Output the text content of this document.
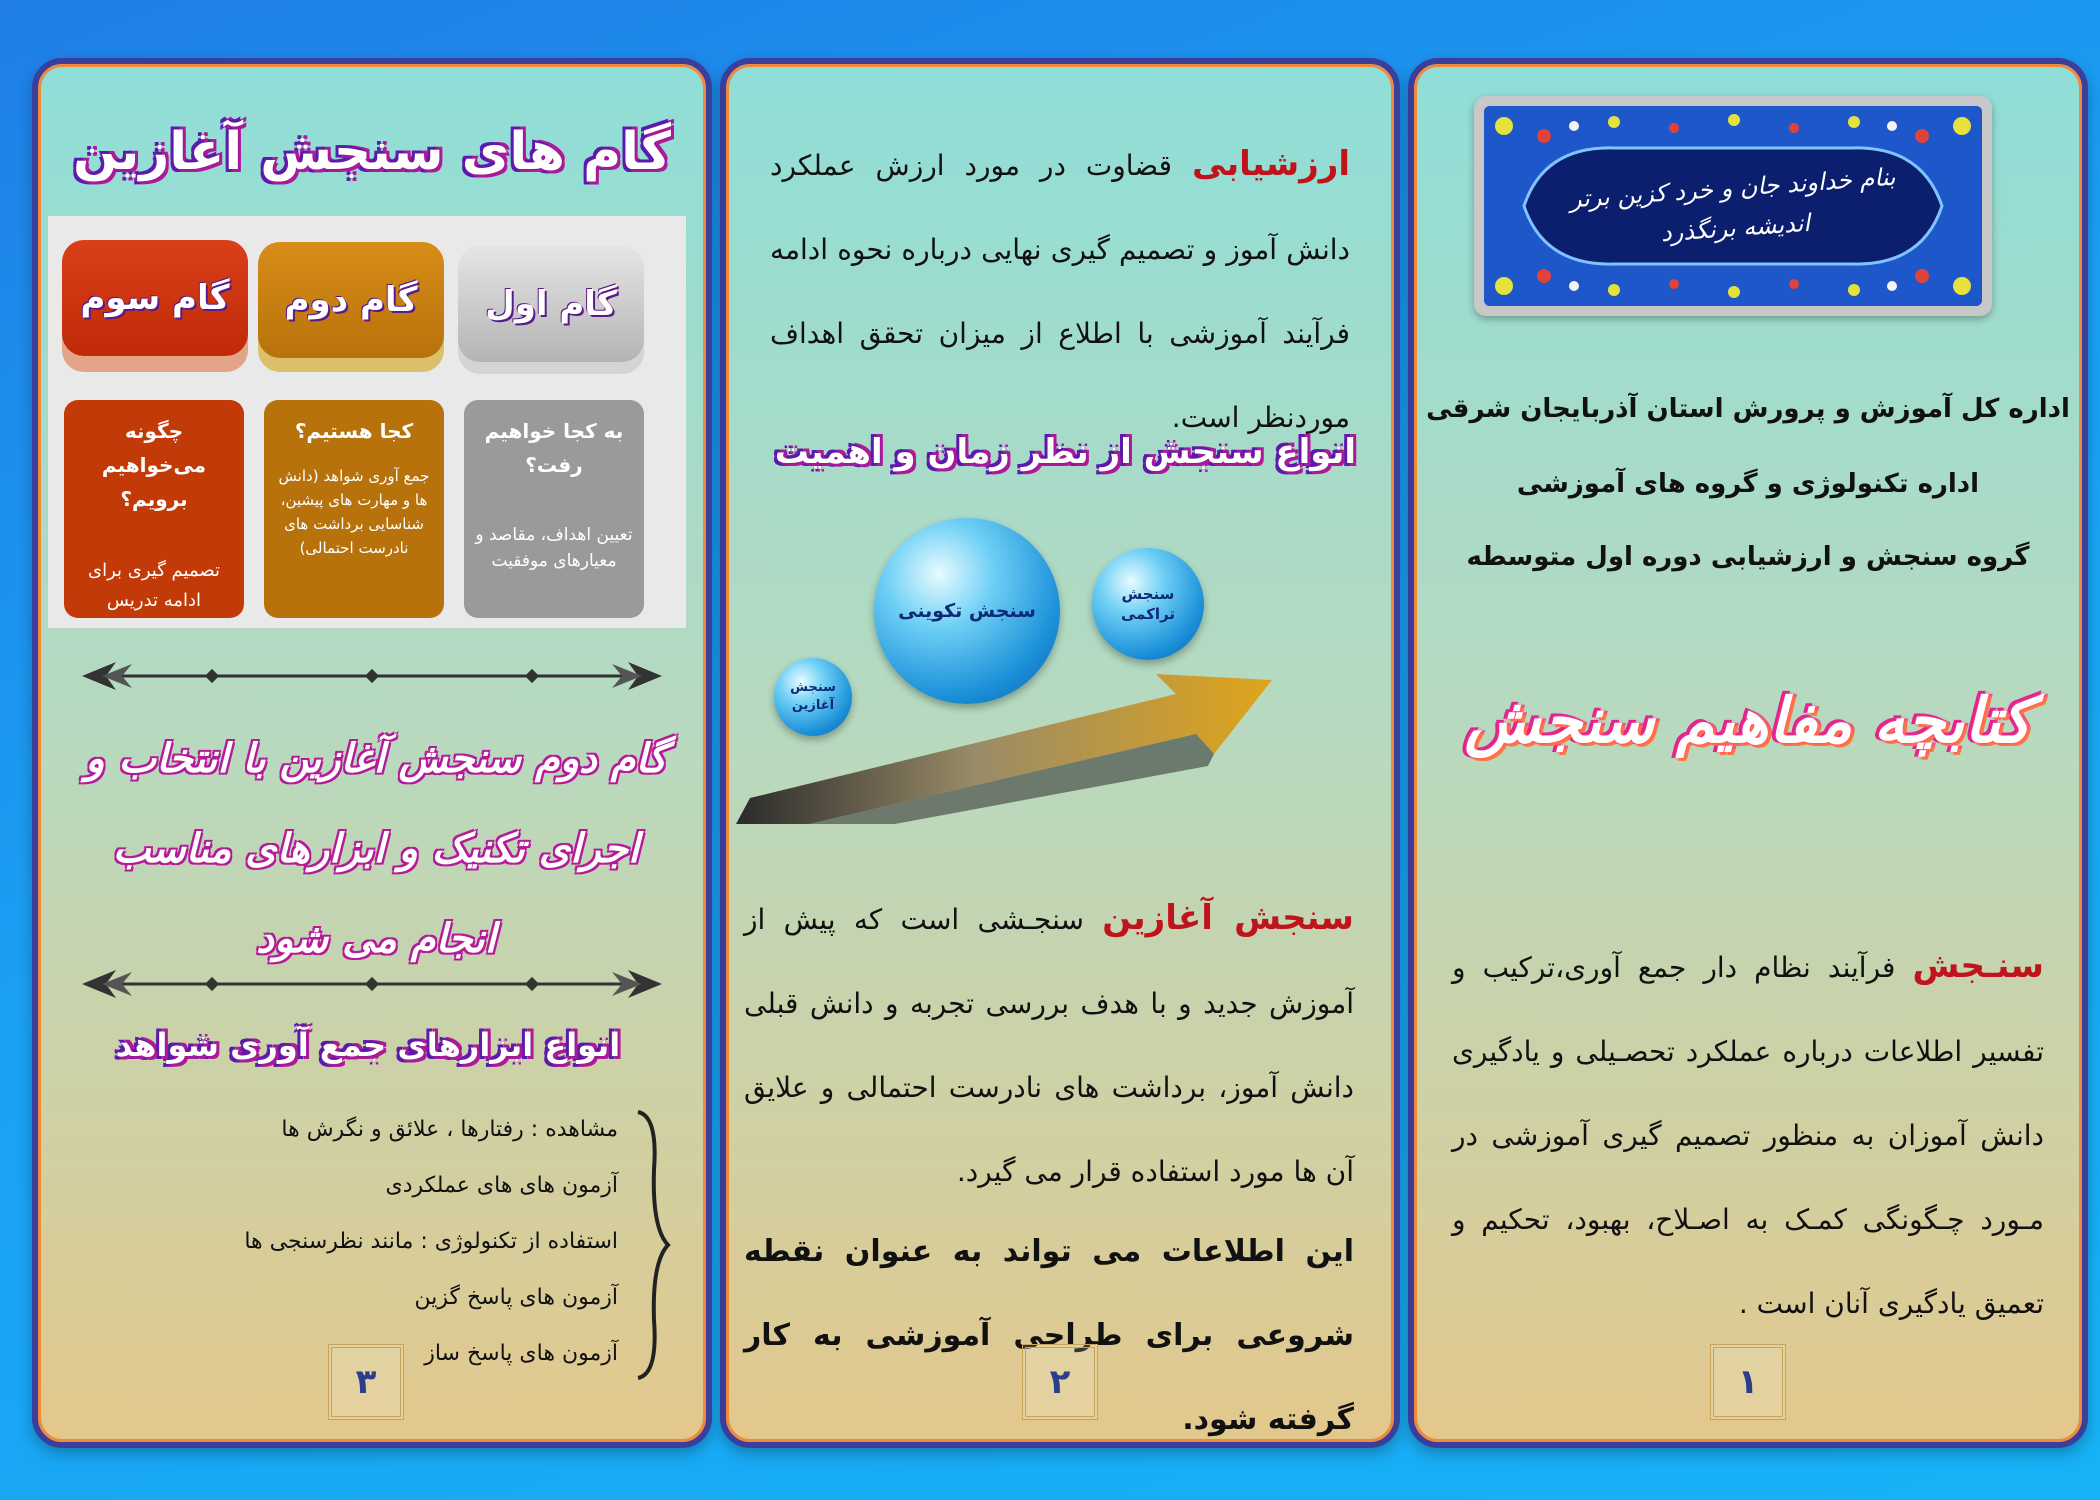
بنام خداوند جان و خرد کزین برتر اندیشه برنگذرد
اداره کل آموزش و پرورش استان آذربایجان شرقی
اداره تکنولوژی و گروه های آموزشی
گروه سنجش و ارزشیابی دوره اول متوسطه
کتابچه مفاهیم سنجش
سنـجش فرآیند نظام دار جمع آوری،ترکیب و تفسیر اطلاعات درباره عملکرد تحصـیلی و یادگیری دانش آموزان به منظور تصمیم گیری آموزشی در مـورد چـگونگی کمـک به اصـلاح، بهبود، تحکیم و تعمیق یادگیری آنان است .
۱
ارزشیابی قضاوت در مورد ارزش عملکرد دانش آموز و تصمیم گیری نهایی درباره نحوه ادامه فرآیند آموزشی با اطلاع از میزان تحقق اهداف موردنظر است.
انواع سنجش از نظر زمان و اهمیت
سنجش آغازین
سنجش تکوینی
سنجش تراکمی
سنجش آغازین سنجـشی است که پیش از آموزش جدید و با هدف بررسی تجربه و دانش قبلی دانش آموز، برداشت های نادرست احتمالی و علایق آن ها مورد استفاده قرار می گیرد.
این اطلاعات می تواند به عنوان نقطه شروعی برای طراحی آموزشی به کار گرفته شود.
۲
گام های سنجش آغازین
گام اول
گام دوم
گام سوم
به کجا خواهیم رفت؟
تعیین اهداف، مقاصد و معیارهای موفقیت
کجا هستیم؟
جمع آوری شواهد (دانش ها و مهارت های پیشین، شناسایی برداشت های نادرست احتمالی)
چگونه می‌خواهیم برویم؟
تصمیم گیری برای ادامه تدریس
گام دوم سنجش آغازین با انتخاب و اجرای تکنیک و ابزارهای مناسب انجام می شود
انواع ابزارهای جمع آوری شواهد
مشاهده : رفتارها ، علائق و نگرش ها
آزمون های های عملکردی
استفاده از تکنولوژی : مانند نظرسنجی ها
آزمون های پاسخ گزین
آزمون های پاسخ ساز
۳
